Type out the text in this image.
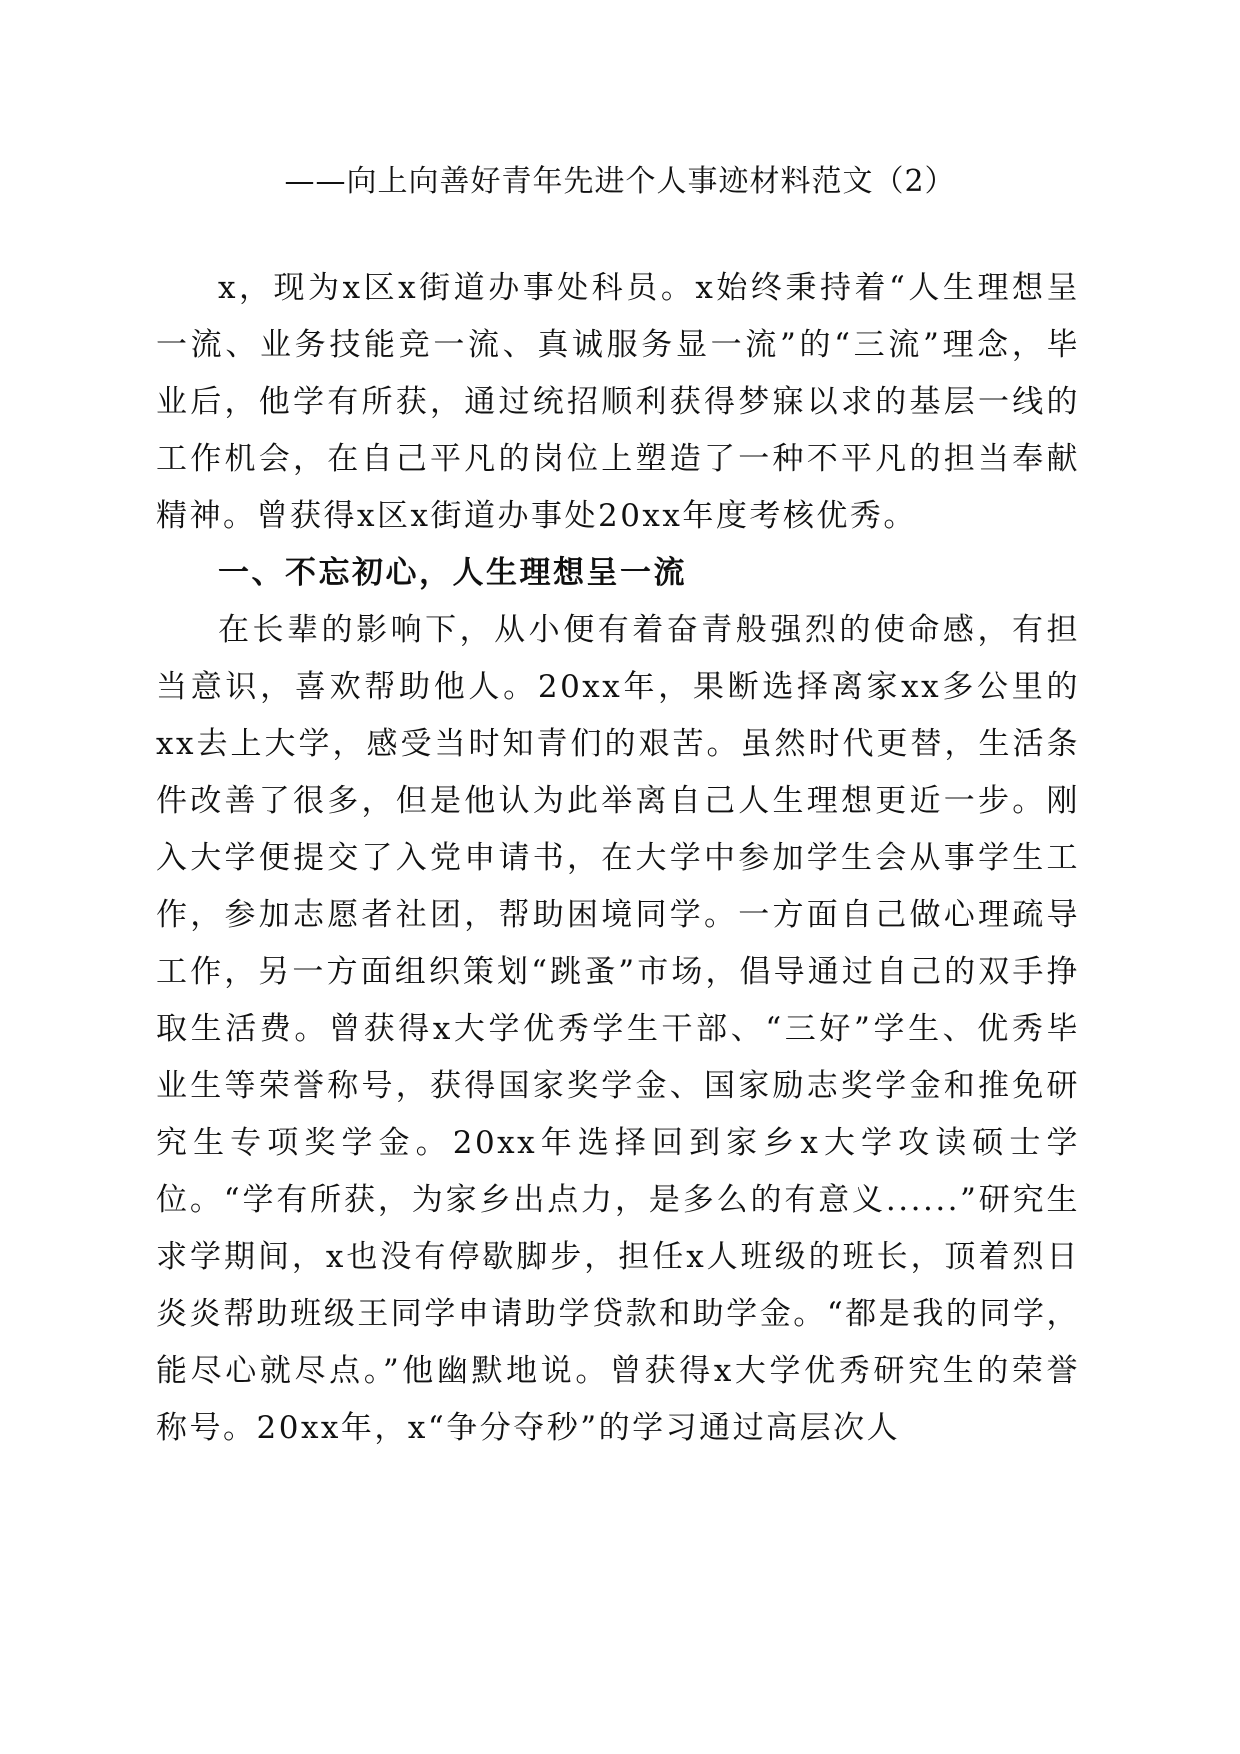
——向上向善好青年先进个人事迹材料范文（2）

x，现为x区x街道办事处科员。x始终秉持着“人生理想呈一流、业务技能竞一流、真诚服务显一流”的“三流”理念，毕业后，他学有所获，通过统招顺利获得梦寐以求的基层一线的工作机会，在自己平凡的岗位上塑造了一种不平凡的担当奉献精神。曾获得x区x街道办事处20xx年度考核优秀。

一、不忘初心，人生理想呈一流

在长辈的影响下，从小便有着奋青般强烈的使命感，有担当意识，喜欢帮助他人。20xx年，果断选择离家xx多公里的xx去上大学，感受当时知青们的艰苦。虽然时代更替，生活条件改善了很多，但是他认为此举离自己人生理想更近一步。刚入大学便提交了入党申请书，在大学中参加学生会从事学生工作，参加志愿者社团，帮助困境同学。一方面自己做心理疏导工作，另一方面组织策划“跳蚤”市场，倡导通过自己的双手挣取生活费。曾获得x大学优秀学生干部、“三好”学生、优秀毕业生等荣誉称号，获得国家奖学金、国家励志奖学金和推免研究生专项奖学金。20xx年选择回到家乡x大学攻读硕士学位。“学有所获，为家乡出点力，是多么的有意义......”研究生求学期间，x也没有停歇脚步，担任x人班级的班长，顶着烈日炎炎帮助班级王同学申请助学贷款和助学金。“都是我的同学，能尽心就尽点。”他幽默地说。曾获得x大学优秀研究生的荣誉称号。20xx年，x“争分夺秒”的学习通过高层次人
